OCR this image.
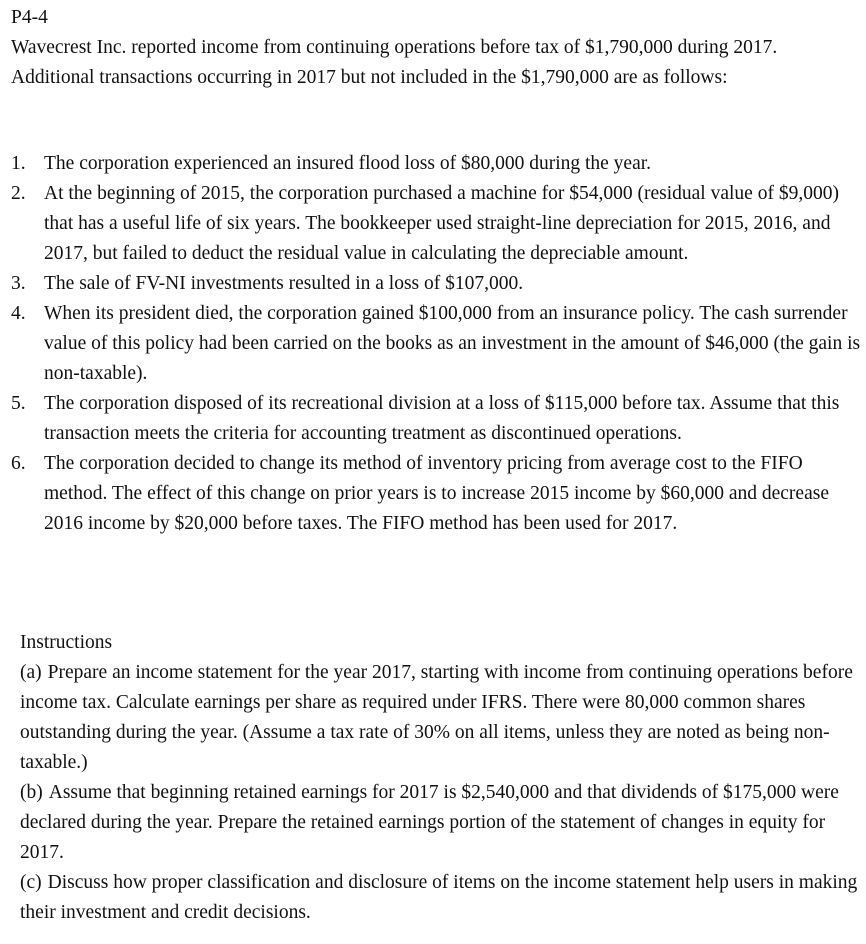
P4-4

Wavecrest Inc. reported income from continuing operations before tax of $1,790,000 during 2017. Additional transactions occurring in 2017 but not included in the $1,790,000 are as follows:

1. The corporation experienced an insured flood loss of $80,000 during the year.
2. At the beginning of 2015, the corporation purchased a machine for $54,000 (residual value of $9,000) that has a useful life of six years. The bookkeeper used straight-line depreciation for 2015, 2016, and 2017, but failed to deduct the residual value in calculating the depreciable amount.
3. The sale of FV-NI investments resulted in a loss of $107,000.
4. When its president died, the corporation gained $100,000 from an insurance policy. The cash surrender value of this policy had been carried on the books as an investment in the amount of $46,000 (the gain is non-taxable).
5. The corporation disposed of its recreational division at a loss of $115,000 before tax. Assume that this transaction meets the criteria for accounting treatment as discontinued operations.
6. The corporation decided to change its method of inventory pricing from average cost to the FIFO method. The effect of this change on prior years is to increase 2015 income by $60,000 and decrease 2016 income by $20,000 before taxes. The FIFO method has been used for 2017.

Instructions

(a) Prepare an income statement for the year 2017, starting with income from continuing operations before income tax. Calculate earnings per share as required under IFRS. There were 80,000 common shares outstanding during the year. (Assume a tax rate of 30% on all items, unless they are noted as being non-taxable.)

(b) Assume that beginning retained earnings for 2017 is $2,540,000 and that dividends of $175,000 were declared during the year. Prepare the retained earnings portion of the statement of changes in equity for 2017.

(c) Discuss how proper classification and disclosure of items on the income statement help users in making their investment and credit decisions.
